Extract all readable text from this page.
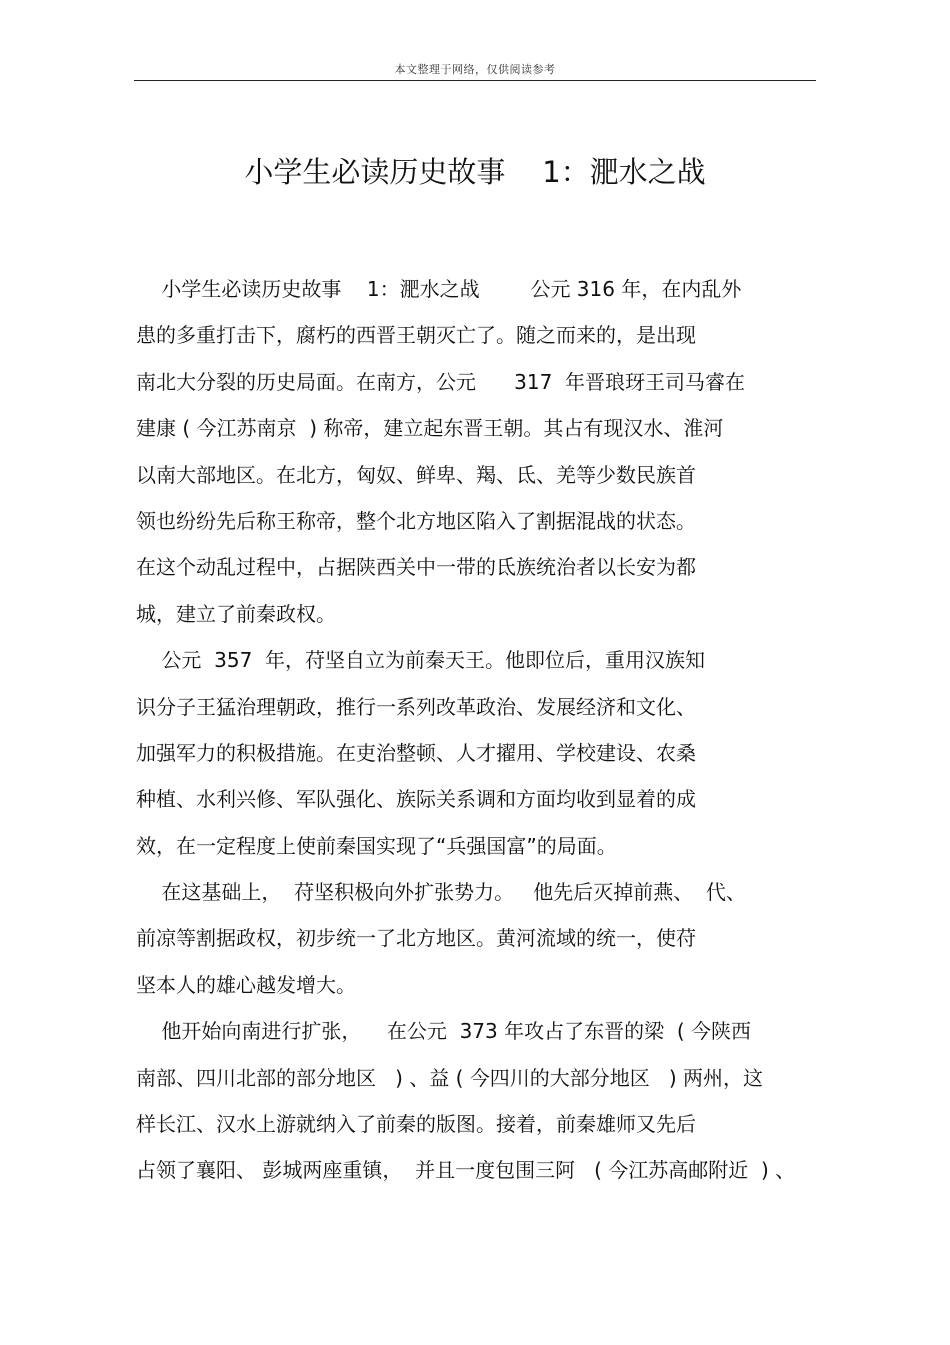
本文整理于网络，仅供阅读参考
小学生必读历史故事    1：淝水之战
小学生必读历史故事    1：淝水之战        公元 316 年，在内乱外
患的多重打击下，腐朽的西晋王朝灭亡了。随之而来的，是出现
南北大分裂的历史局面。在南方，公元      317  年晋琅玡王司马睿在
建康 ( 今江苏南京  ) 称帝，建立起东晋王朝。其占有现汉水、淮河
以南大部地区。在北方，匈奴、鲜卑、羯、氐、羌等少数民族首
领也纷纷先后称王称帝，整个北方地区陷入了割据混战的状态。
在这个动乱过程中，占据陕西关中一带的氐族统治者以长安为都
城，建立了前秦政权。
公元  357  年，苻坚自立为前秦天王。他即位后，重用汉族知
识分子王猛治理朝政，推行一系列改革政治、发展经济和文化、
加强军力的积极措施。在吏治整顿、人才擢用、学校建设、农桑
种植、水利兴修、军队强化、族际关系调和方面均收到显着的成
效，在一定程度上使前秦国实现了“兵强国富”的局面。
在这基础上，  苻坚积极向外扩张势力。   他先后灭掉前燕、  代、
前凉等割据政权，初步统一了北方地区。黄河流域的统一，使苻
坚本人的雄心越发增大。
他开始向南进行扩张，    在公元  373 年攻占了东晋的梁  ( 今陕西
南部、四川北部的部分地区   ) 、益 ( 今四川的大部分地区   ) 两州，这
样长江、汉水上游就纳入了前秦的版图。接着，前秦雄师又先后
占领了襄阳、 彭城两座重镇，  并且一度包围三阿   ( 今江苏高邮附近  ) 、
